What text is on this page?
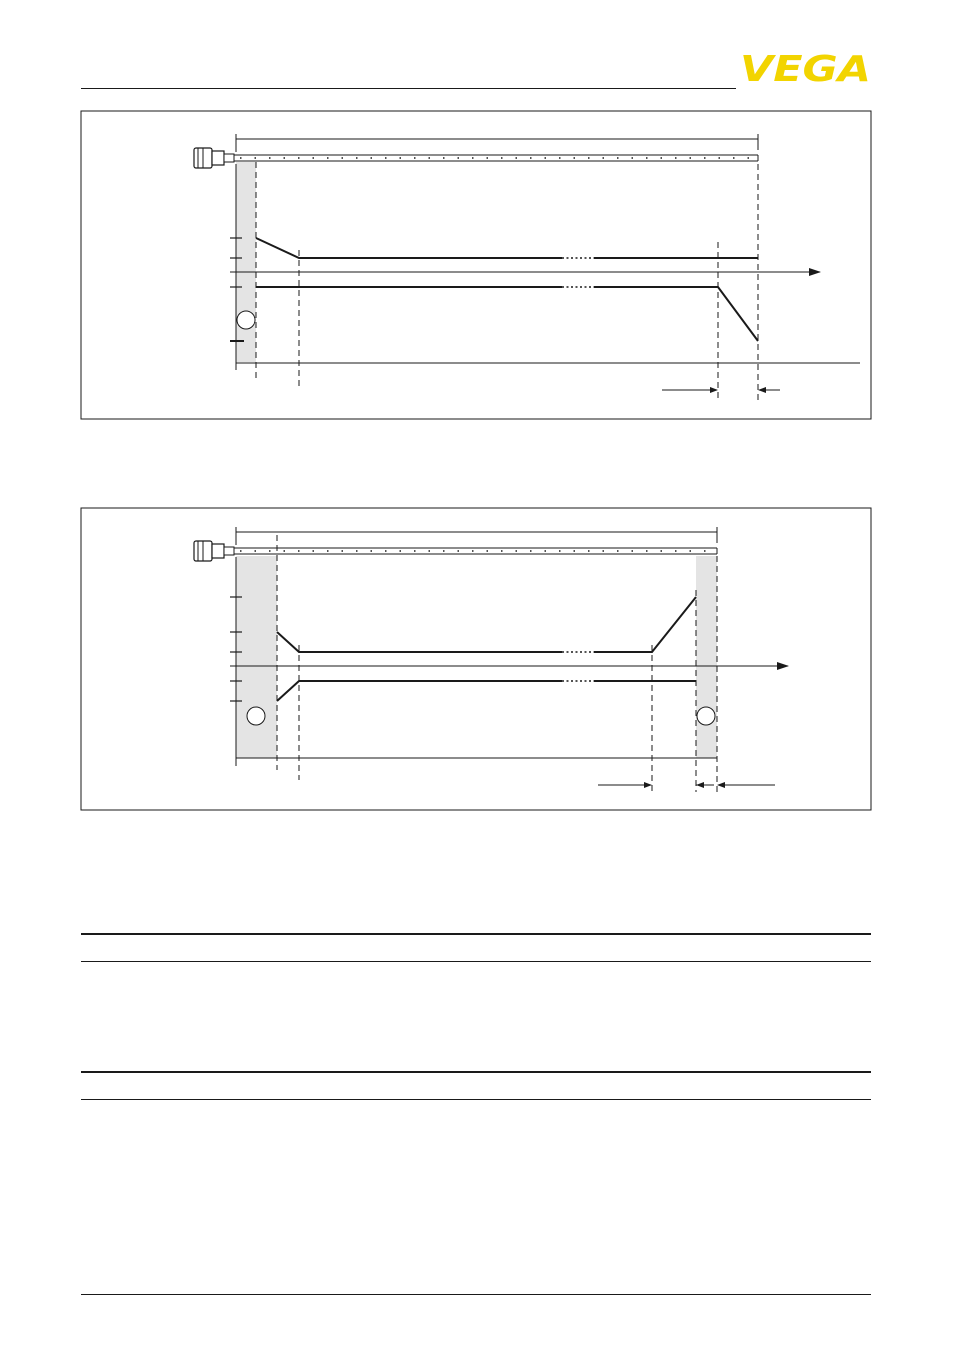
VEGA
